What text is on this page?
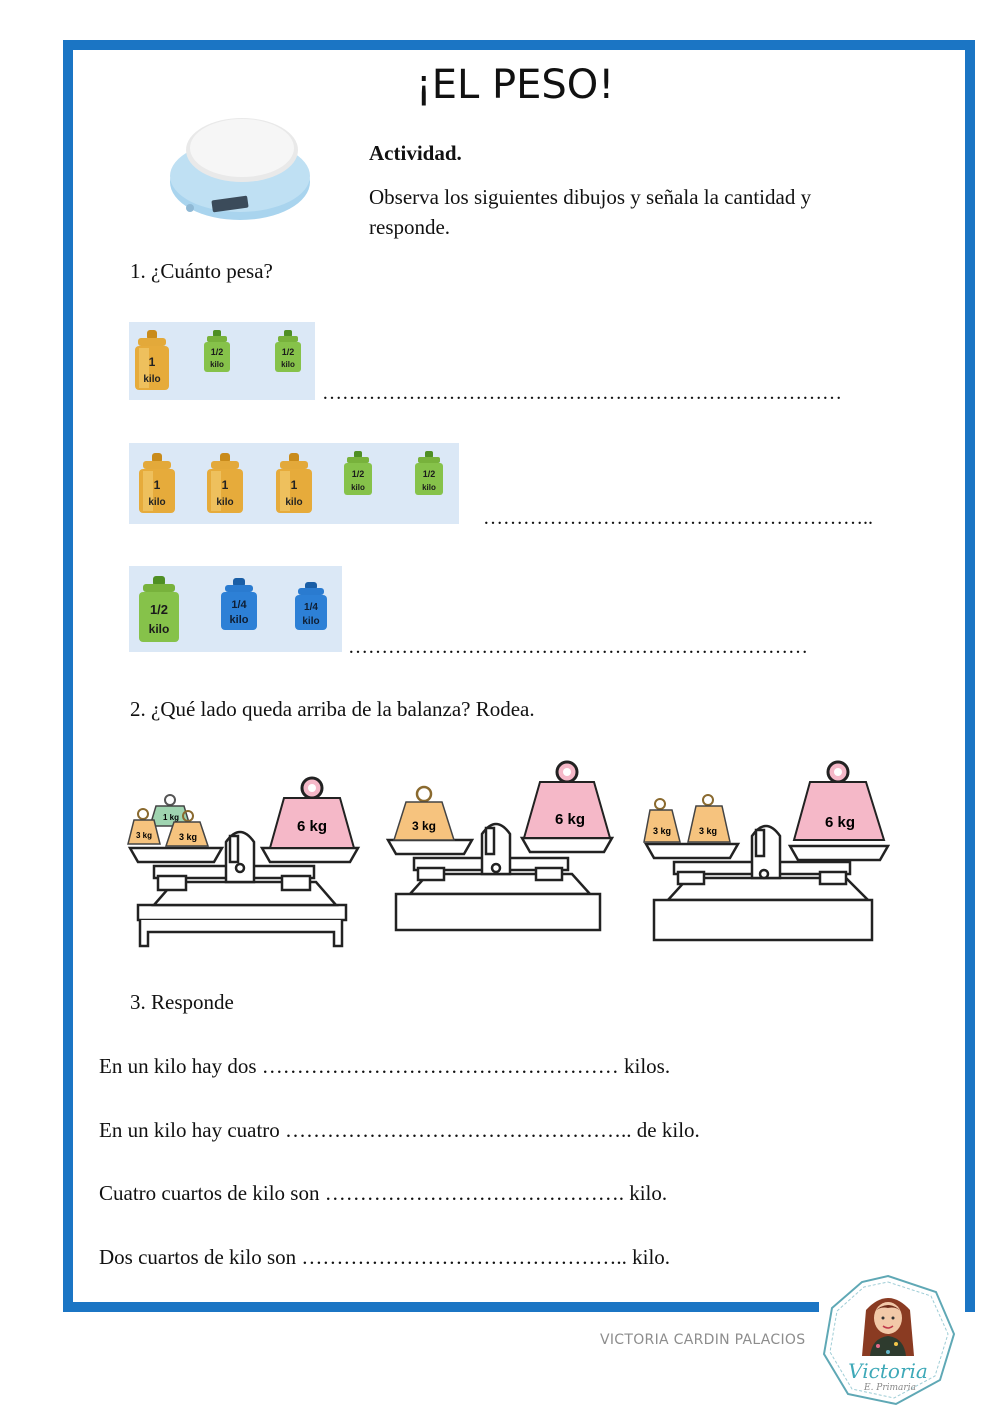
¡EL PESO!
Actividad.
Observa los siguientes dibujos y señala la cantidad y responde.
1. ¿Cuánto pesa?
1
kilo
1/2
kilo
1/2
kilo
……………………………………………………………………
1
kilo
1
kilo
1
kilo
1/2
kilo
1/2
kilo
…………………………………………………..
1/2
kilo
1/4
kilo
1/4
kilo
……………………………………………………………
2. ¿Qué lado queda arriba de la balanza? Rodea.
1 kg
3 kg	3 kg
6 kg	3 kg	6 kg
3 kg	3 kg	6 kg
3. Responde
En un kilo hay dos …………………………………………… kilos.
En un kilo hay cuatro ………………………………………….. de kilo.
Cuatro cuartos de kilo son ……………………………………. kilo.
Dos cuartos de kilo son ……………………………………….. kilo.
VICTORIA CARDIN PALACIOS
Victoria
E. Primaria
